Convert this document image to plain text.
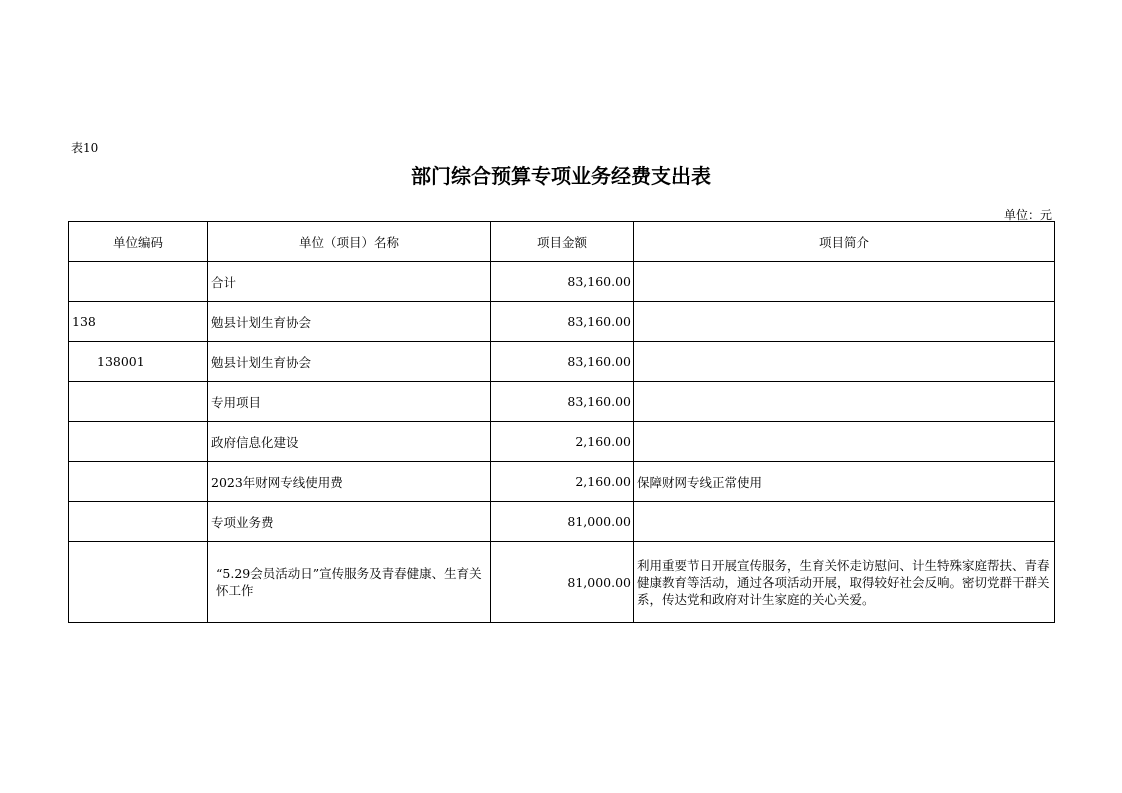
表10
部门综合预算专项业务经费支出表
单位：元
单位编码	单位（项目）名称	项目金额	项目简介
	合计	83,160.00	
138	勉县计划生育协会	83,160.00	
138001	勉县计划生育协会	83,160.00	
	专用项目	83,160.00	
	政府信息化建设	2,160.00	
	2023年财网专线使用费	2,160.00	保障财网专线正常使用
	专项业务费	81,000.00	
	“5.29会员活动日”宣传服务及青春健康、生育关怀工作	81,000.00	利用重要节日开展宣传服务，生育关怀走访慰问、计生特殊家庭帮扶、青春健康教育等活动，通过各项活动开展，取得较好社会反响。密切党群干群关系，传达党和政府对计生家庭的关心关爱。
